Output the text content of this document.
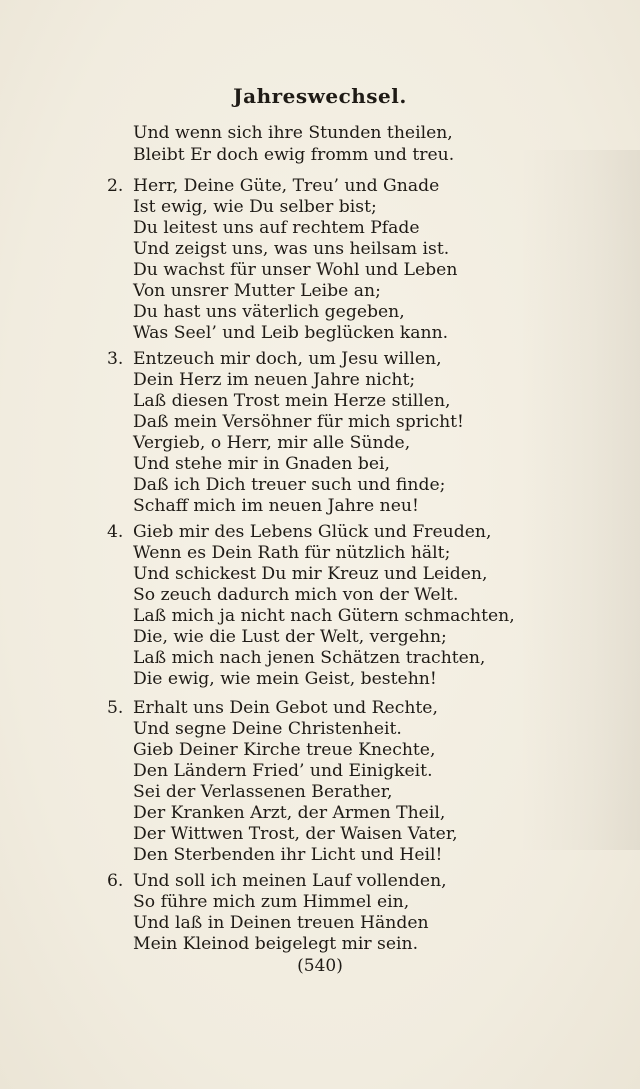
Jahreswechsel.
Und wenn sich ihre Stunden theilen,
Bleibt Er doch ewig fromm und treu.
2. Herr, Deine Güte, Treu’ und Gnade
Ist ewig, wie Du selber bist;
Du leitest uns auf rechtem Pfade
Und zeigst uns, was uns heilsam ist.
Du wachst für unser Wohl und Leben
Von unsrer Mutter Leibe an;
Du hast uns väterlich gegeben,
Was Seel’ und Leib beglücken kann.
3. Entzeuch mir doch, um Jesu willen,
Dein Herz im neuen Jahre nicht;
Laß diesen Trost mein Herze stillen,
Daß mein Versöhner für mich spricht!
Vergieb, o Herr, mir alle Sünde,
Und stehe mir in Gnaden bei,
Daß ich Dich treuer such und finde;
Schaff mich im neuen Jahre neu!
4. Gieb mir des Lebens Glück und Freuden,
Wenn es Dein Rath für nützlich hält;
Und schickest Du mir Kreuz und Leiden,
So zeuch dadurch mich von der Welt.
Laß mich ja nicht nach Gütern schmachten,
Die, wie die Lust der Welt, vergehn;
Laß mich nach jenen Schätzen trachten,
Die ewig, wie mein Geist, bestehn!
5. Erhalt uns Dein Gebot und Rechte,
Und segne Deine Christenheit.
Gieb Deiner Kirche treue Knechte,
Den Ländern Fried’ und Einigkeit.
Sei der Verlassenen Berather,
Der Kranken Arzt, der Armen Theil,
Der Wittwen Trost, der Waisen Vater,
Den Sterbenden ihr Licht und Heil!
6. Und soll ich meinen Lauf vollenden,
So führe mich zum Himmel ein,
Und laß in Deinen treuen Händen
Mein Kleinod beigelegt mir sein.
(540)
